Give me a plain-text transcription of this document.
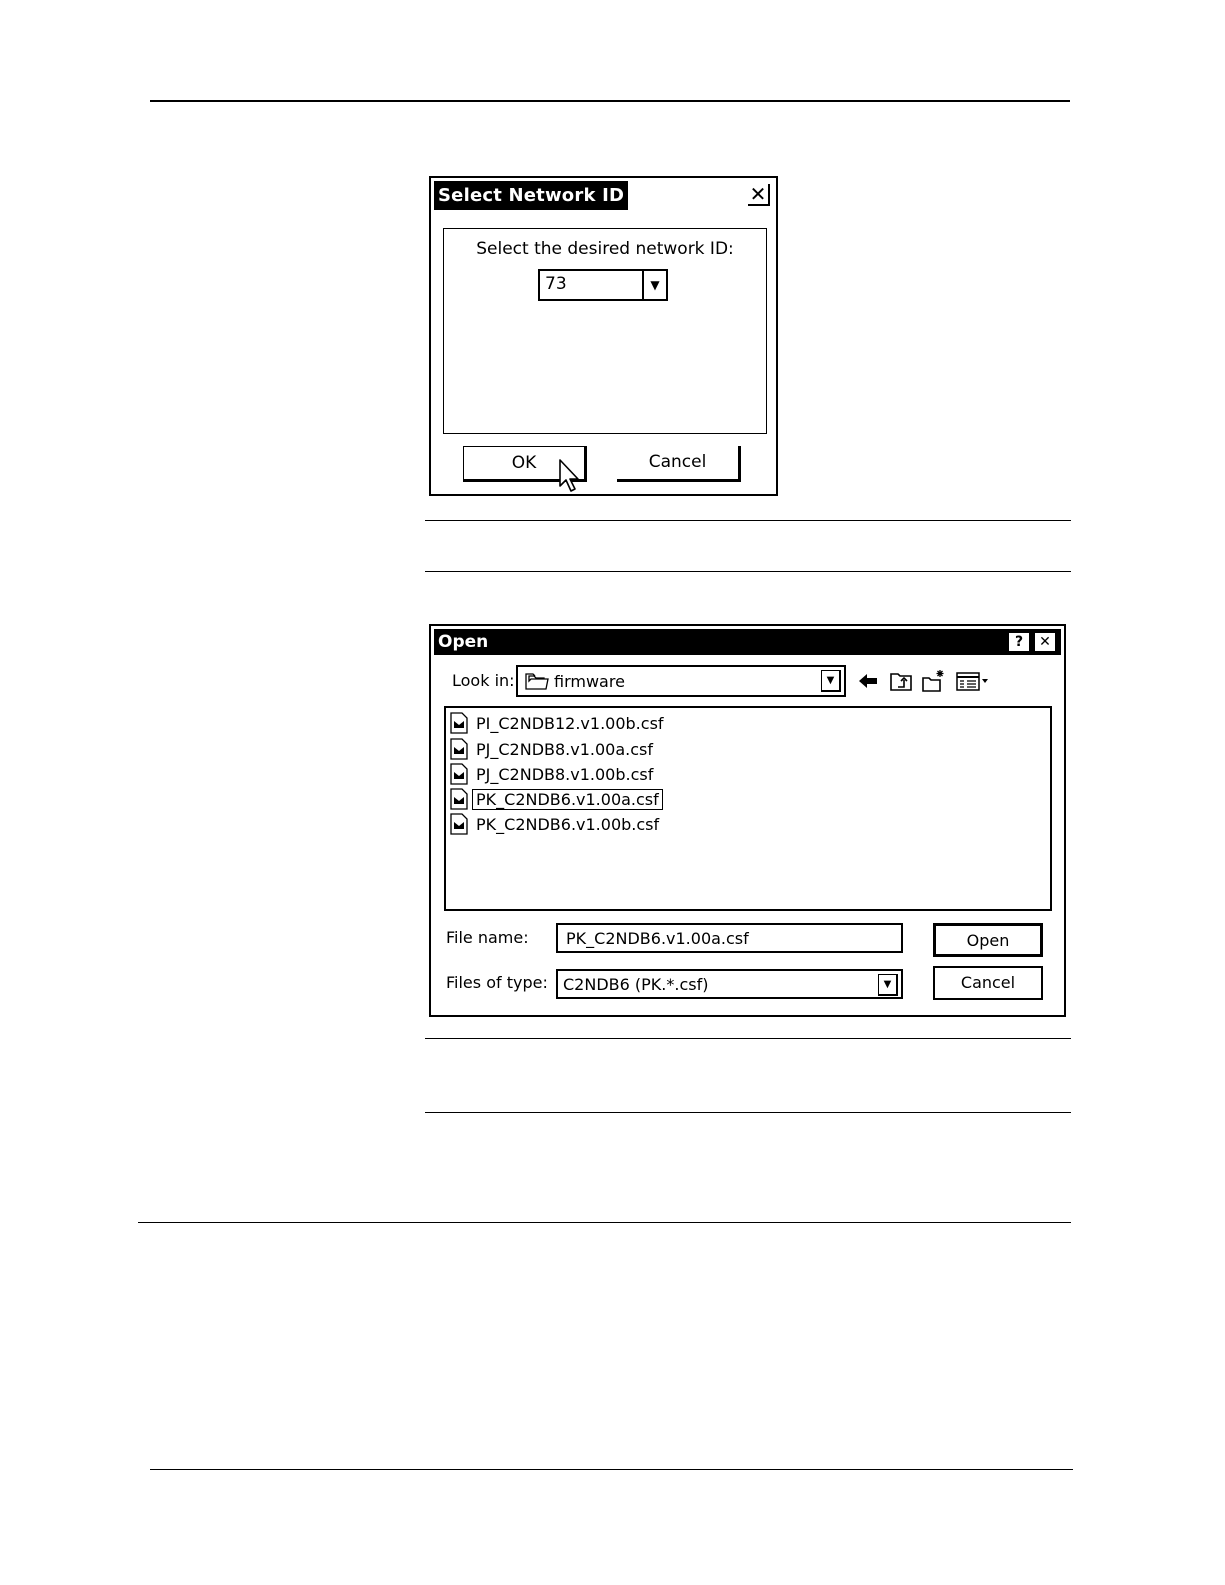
Select Network ID	✕
Select the desired network ID:
73	▼
OK	Cancel
Open	?	✕
Look in: firmware	▼
PI_C2NDB12.v1.00b.csf
PJ_C2NDB8.v1.00a.csf
PJ_C2NDB8.v1.00b.csf
PK_C2NDB6.v1.00a.csf
PK_C2NDB6.v1.00b.csf
File name: PK_C2NDB6.v1.00a.csf
Files of type: C2NDB6 (PK.*.csf)	▼
Open
Cancel
